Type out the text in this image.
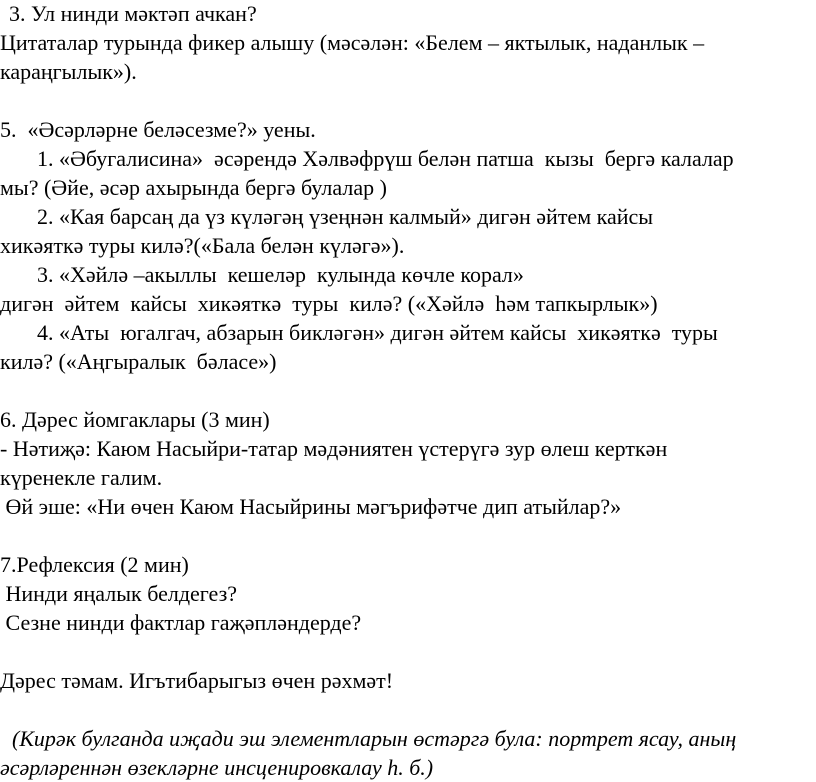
3. Ул нинди мәктәп ачкан?
Цитаталар турында фикер алышу (мәсәлән: «Белем – яктылык, наданлык –
караңгылык»).
5.  «Әсәрләрне беләсезме?» уены.
1. «Әбугалисина»  әсәрендә Хәлвәфрүш белән патша  кызы  бергә калалар
мы? (Әйе, әсәр ахырында бергә булалар )
2. «Кая барсаң да үз күләгәң үзеңнән калмый» дигән әйтем кайсы
хикәяткә туры килә?(«Бала белән күләгә»).
3. «Хәйлә –акыллы  кешеләр  кулында көчле корал»
дигән  әйтем  кайсы  хикәяткә  туры  килә? («Хәйлә  һәм тапкырлык»)
4. «Аты  югалгач, абзарын бикләгән» дигән әйтем кайсы  хикәяткә  туры
килә? («Аңгыралык  бәласе»)
6. Дәрес йомгаклары (3 мин)
- Нәтиҗә: Каюм Насыйри-татар мәдәниятен үстерүгә зур өлеш керткән
күренекле галим.
Өй эше: «Ни өчен Каюм Насыйрины мәгърифәтче дип атыйлар?»
7.Рефлексия (2 мин)
Нинди яңалык белдегез?
Сезне нинди фактлар гаҗәпләндерде?
Дәрес тәмам. Игътибарыгыз өчен рәхмәт!
(Кирәк булганда иҗади эш элементларын өстәргә була: портрет ясау, аның
әсәрләреннән өзекләрне инсценировкалау һ. б.)
